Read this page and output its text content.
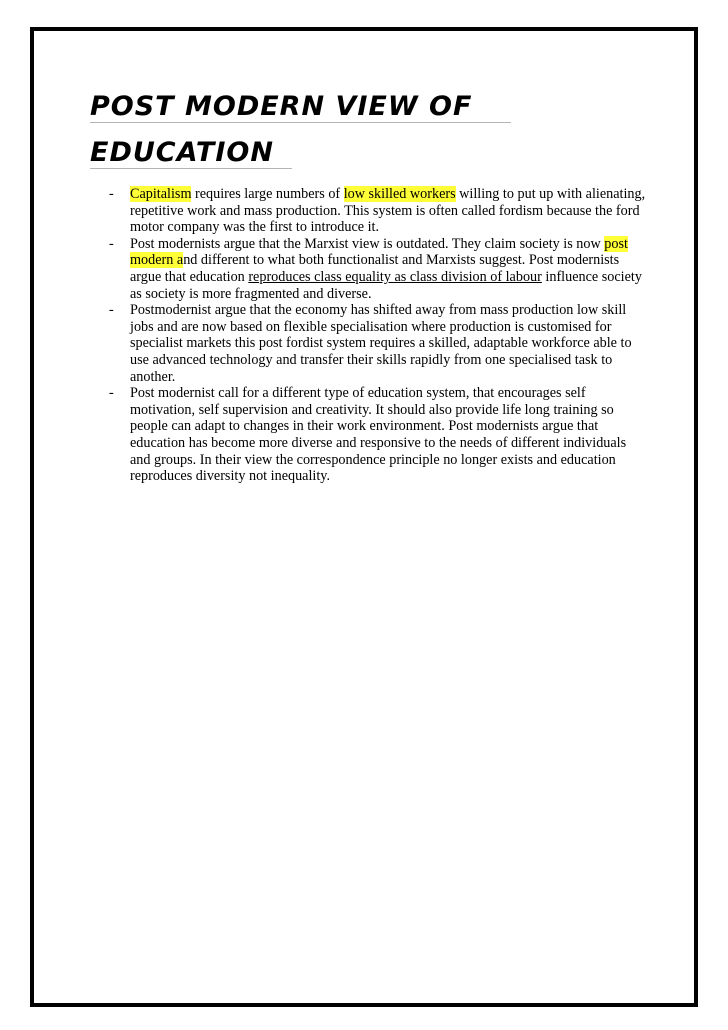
POST MODERN VIEW OF
EDUCATION
- Capitalism requires large numbers of low skilled workers willing to put up with alienating, repetitive work and mass production. This system is often called fordism because the ford motor company was the first to introduce it.
- Post modernists argue that the Marxist view is outdated. They claim society is now post modern and different to what both functionalist and Marxists suggest. Post modernists argue that education reproduces class equality as class division of labour influence society as society is more fragmented and diverse.
- Postmodernist argue that the economy has shifted away from mass production low skill jobs and are now based on flexible specialisation where production is customised for specialist markets this post fordist system requires a skilled, adaptable workforce able to use advanced technology and transfer their skills rapidly from one specialised task to another.
- Post modernist call for a different type of education system, that encourages self motivation, self supervision and creativity. It should also provide life long training so people can adapt to changes in their work environment. Post modernists argue that education has become more diverse and responsive to the needs of different individuals and groups. In their view the correspondence principle no longer exists and education reproduces diversity not inequality.
